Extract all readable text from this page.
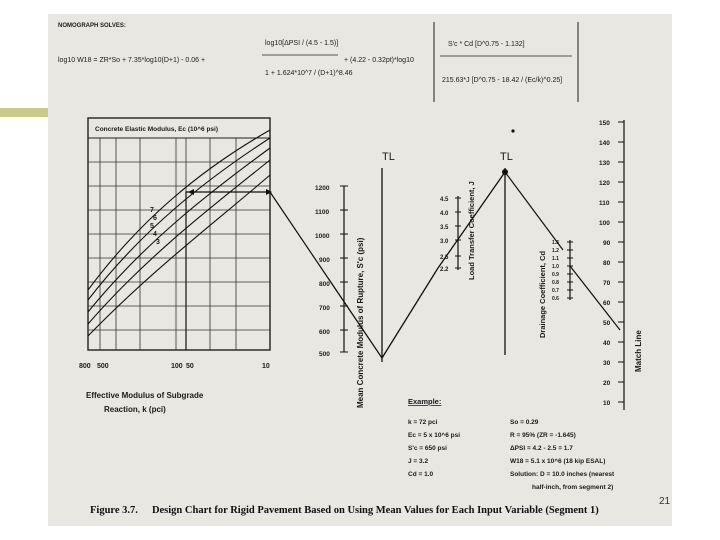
NOMOGRAPH SOLVES:
log10 W18 = ZR*So + 7.35*log10(D+1) - 0.06 +
log10[ΔPSI / (4.5 - 1.5)]
1 + 1.624*10^7 / (D+1)^8.46
+ (4.22 - 0.32pt)*log10
S'c * Cd [D^0.75 - 1.132]
215.63*J [D^0.75 - 18.42 / (Ec/k)^0.25]
Concrete Elastic Modulus, Ec (10^6 psi)
7
6
5
4
3
800 500	100 50	10
Effective Modulus of Subgrade
Reaction, k (pci)
TL
1200
1100
1000
900
800
700
600
500	Mean Concrete Modulus of Rupture, S'c (psi)
4.5
4.0
3.5
3.0
2.5
2.2 Load Transfer Coefficient, J
TL
1.3
1.2
1.1
1.0
0.9
0.8
0.7
0.6
Drainage Coefficient, Cd
150
140
130
120
110
100
90
80
70
60
50
40
30
20
10
Match Line
Example:
k = 72 pci
Ec = 5 x 10^6 psi
S'c = 650 psi
J = 3.2
Cd = 1.0
So = 0.29
R = 95% (ZR = -1.645)
ΔPSI = 4.2 - 2.5 = 1.7
W18 = 5.1 x 10^6 (18 kip ESAL)
Solution: D = 10.0 inches (nearest
half-inch, from segment 2)
Figure 3.7. Design Chart for Rigid Pavement Based on Using Mean Values for Each Input Variable (Segment 1)
21
